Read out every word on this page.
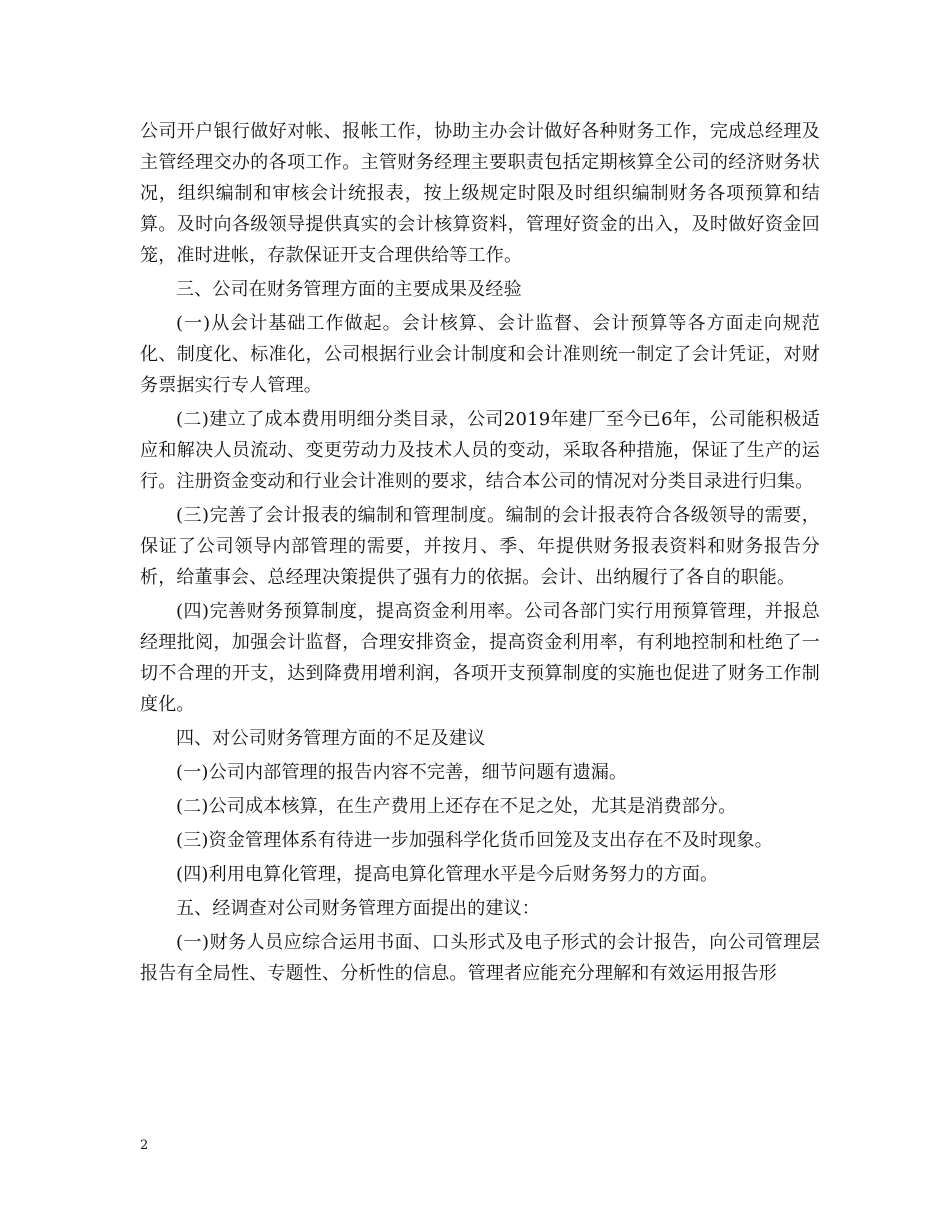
公司开户银行做好对帐、报帐工作，协助主办会计做好各种财务工作，完成总经理及主管经理交办的各项工作。主管财务经理主要职责包括定期核算全公司的经济财务状况，组织编制和审核会计统报表，按上级规定时限及时组织编制财务各项预算和结算。及时向各级领导提供真实的会计核算资料，管理好资金的出入，及时做好资金回笼，准时进帐，存款保证开支合理供给等工作。

三、公司在财务管理方面的主要成果及经验

(一)从会计基础工作做起。会计核算、会计监督、会计预算等各方面走向规范化、制度化、标准化，公司根据行业会计制度和会计准则统一制定了会计凭证，对财务票据实行专人管理。

(二)建立了成本费用明细分类目录，公司2019年建厂至今已6年，公司能积极适应和解决人员流动、变更劳动力及技术人员的变动，采取各种措施，保证了生产的运行。注册资金变动和行业会计准则的要求，结合本公司的情况对分类目录进行归集。

(三)完善了会计报表的编制和管理制度。编制的会计报表符合各级领导的需要，保证了公司领导内部管理的需要，并按月、季、年提供财务报表资料和财务报告分析，给董事会、总经理决策提供了强有力的依据。会计、出纳履行了各自的职能。

(四)完善财务预算制度，提高资金利用率。公司各部门实行用预算管理，并报总经理批阅，加强会计监督，合理安排资金，提高资金利用率，有利地控制和杜绝了一切不合理的开支，达到降费用增利润，各项开支预算制度的实施也促进了财务工作制度化。

四、对公司财务管理方面的不足及建议

(一)公司内部管理的报告内容不完善，细节问题有遗漏。

(二)公司成本核算，在生产费用上还存在不足之处，尤其是消费部分。

(三)资金管理体系有待进一步加强科学化货币回笼及支出存在不及时现象。

(四)利用电算化管理，提高电算化管理水平是今后财务努力的方面。

五、经调查对公司财务管理方面提出的建议：

(一)财务人员应综合运用书面、口头形式及电子形式的会计报告，向公司管理层报告有全局性、专题性、分析性的信息。管理者应能充分理解和有效运用报告形

2
